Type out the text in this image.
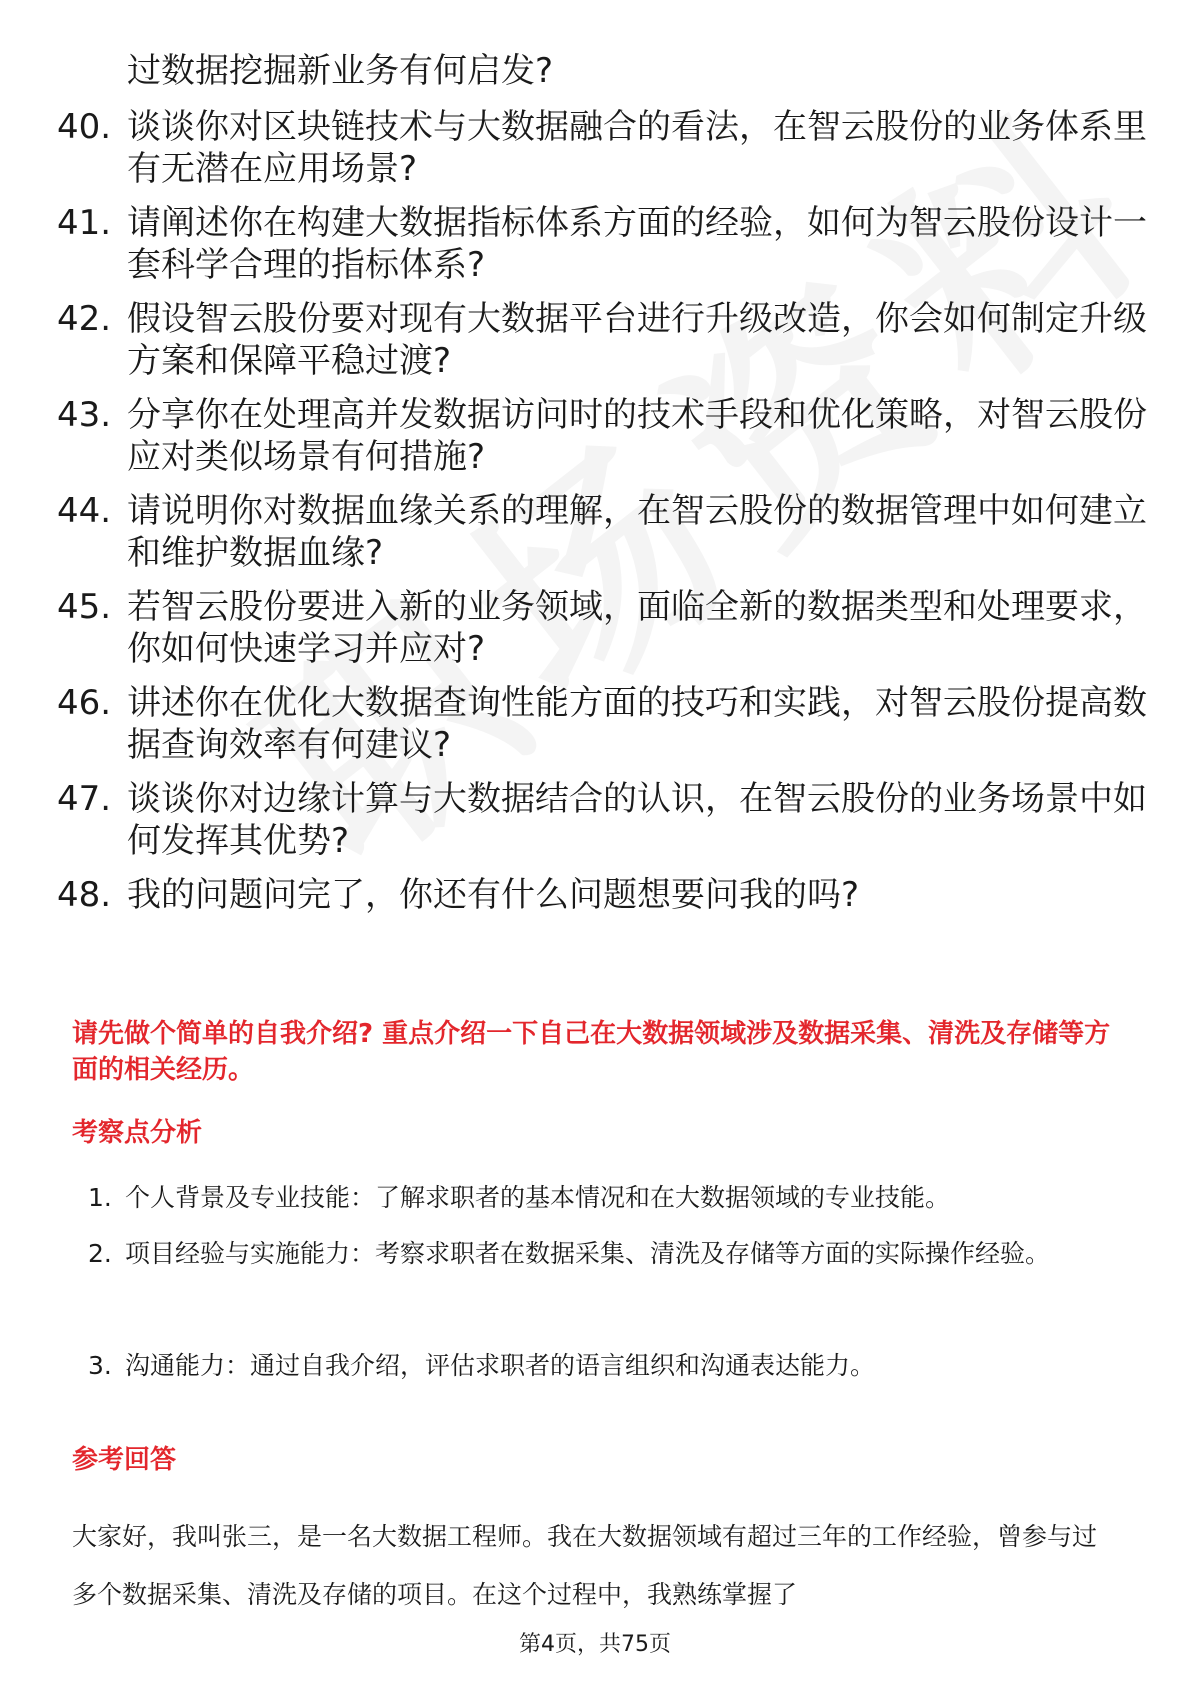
过数据挖掘新业务有何启发?
40. 谈谈你对区块链技术与大数据融合的看法，在智云股份的业务体系里有无潜在应用场景?
41. 请阐述你在构建大数据指标体系方面的经验，如何为智云股份设计一套科学合理的指标体系?
42. 假设智云股份要对现有大数据平台进行升级改造，你会如何制定升级方案和保障平稳过渡?
43. 分享你在处理高并发数据访问时的技术手段和优化策略，对智云股份应对类似场景有何措施?
44. 请说明你对数据血缘关系的理解，在智云股份的数据管理中如何建立和维护数据血缘?
45. 若智云股份要进入新的业务领域，面临全新的数据类型和处理要求，你如何快速学习并应对?
46. 讲述你在优化大数据查询性能方面的技巧和实践，对智云股份提高数据查询效率有何建议?
47. 谈谈你对边缘计算与大数据结合的认识，在智云股份的业务场景中如何发挥其优势?
48. 我的问题问完了，你还有什么问题想要问我的吗?
请先做个简单的自我介绍? 重点介绍一下自己在大数据领域涉及数据采集、清洗及存储等方面的相关经历。
考察点分析
1. 个人背景及专业技能：了解求职者的基本情况和在大数据领域的专业技能。
2. 项目经验与实施能力：考察求职者在数据采集、清洗及存储等方面的实际操作经验。
3. 沟通能力：通过自我介绍，评估求职者的语言组织和沟通表达能力。
参考回答
大家好，我叫张三，是一名大数据工程师。我在大数据领域有超过三年的工作经验，曾参与过多个数据采集、清洗及存储的项目。在这个过程中，我熟练掌握了
第4页，共75页
